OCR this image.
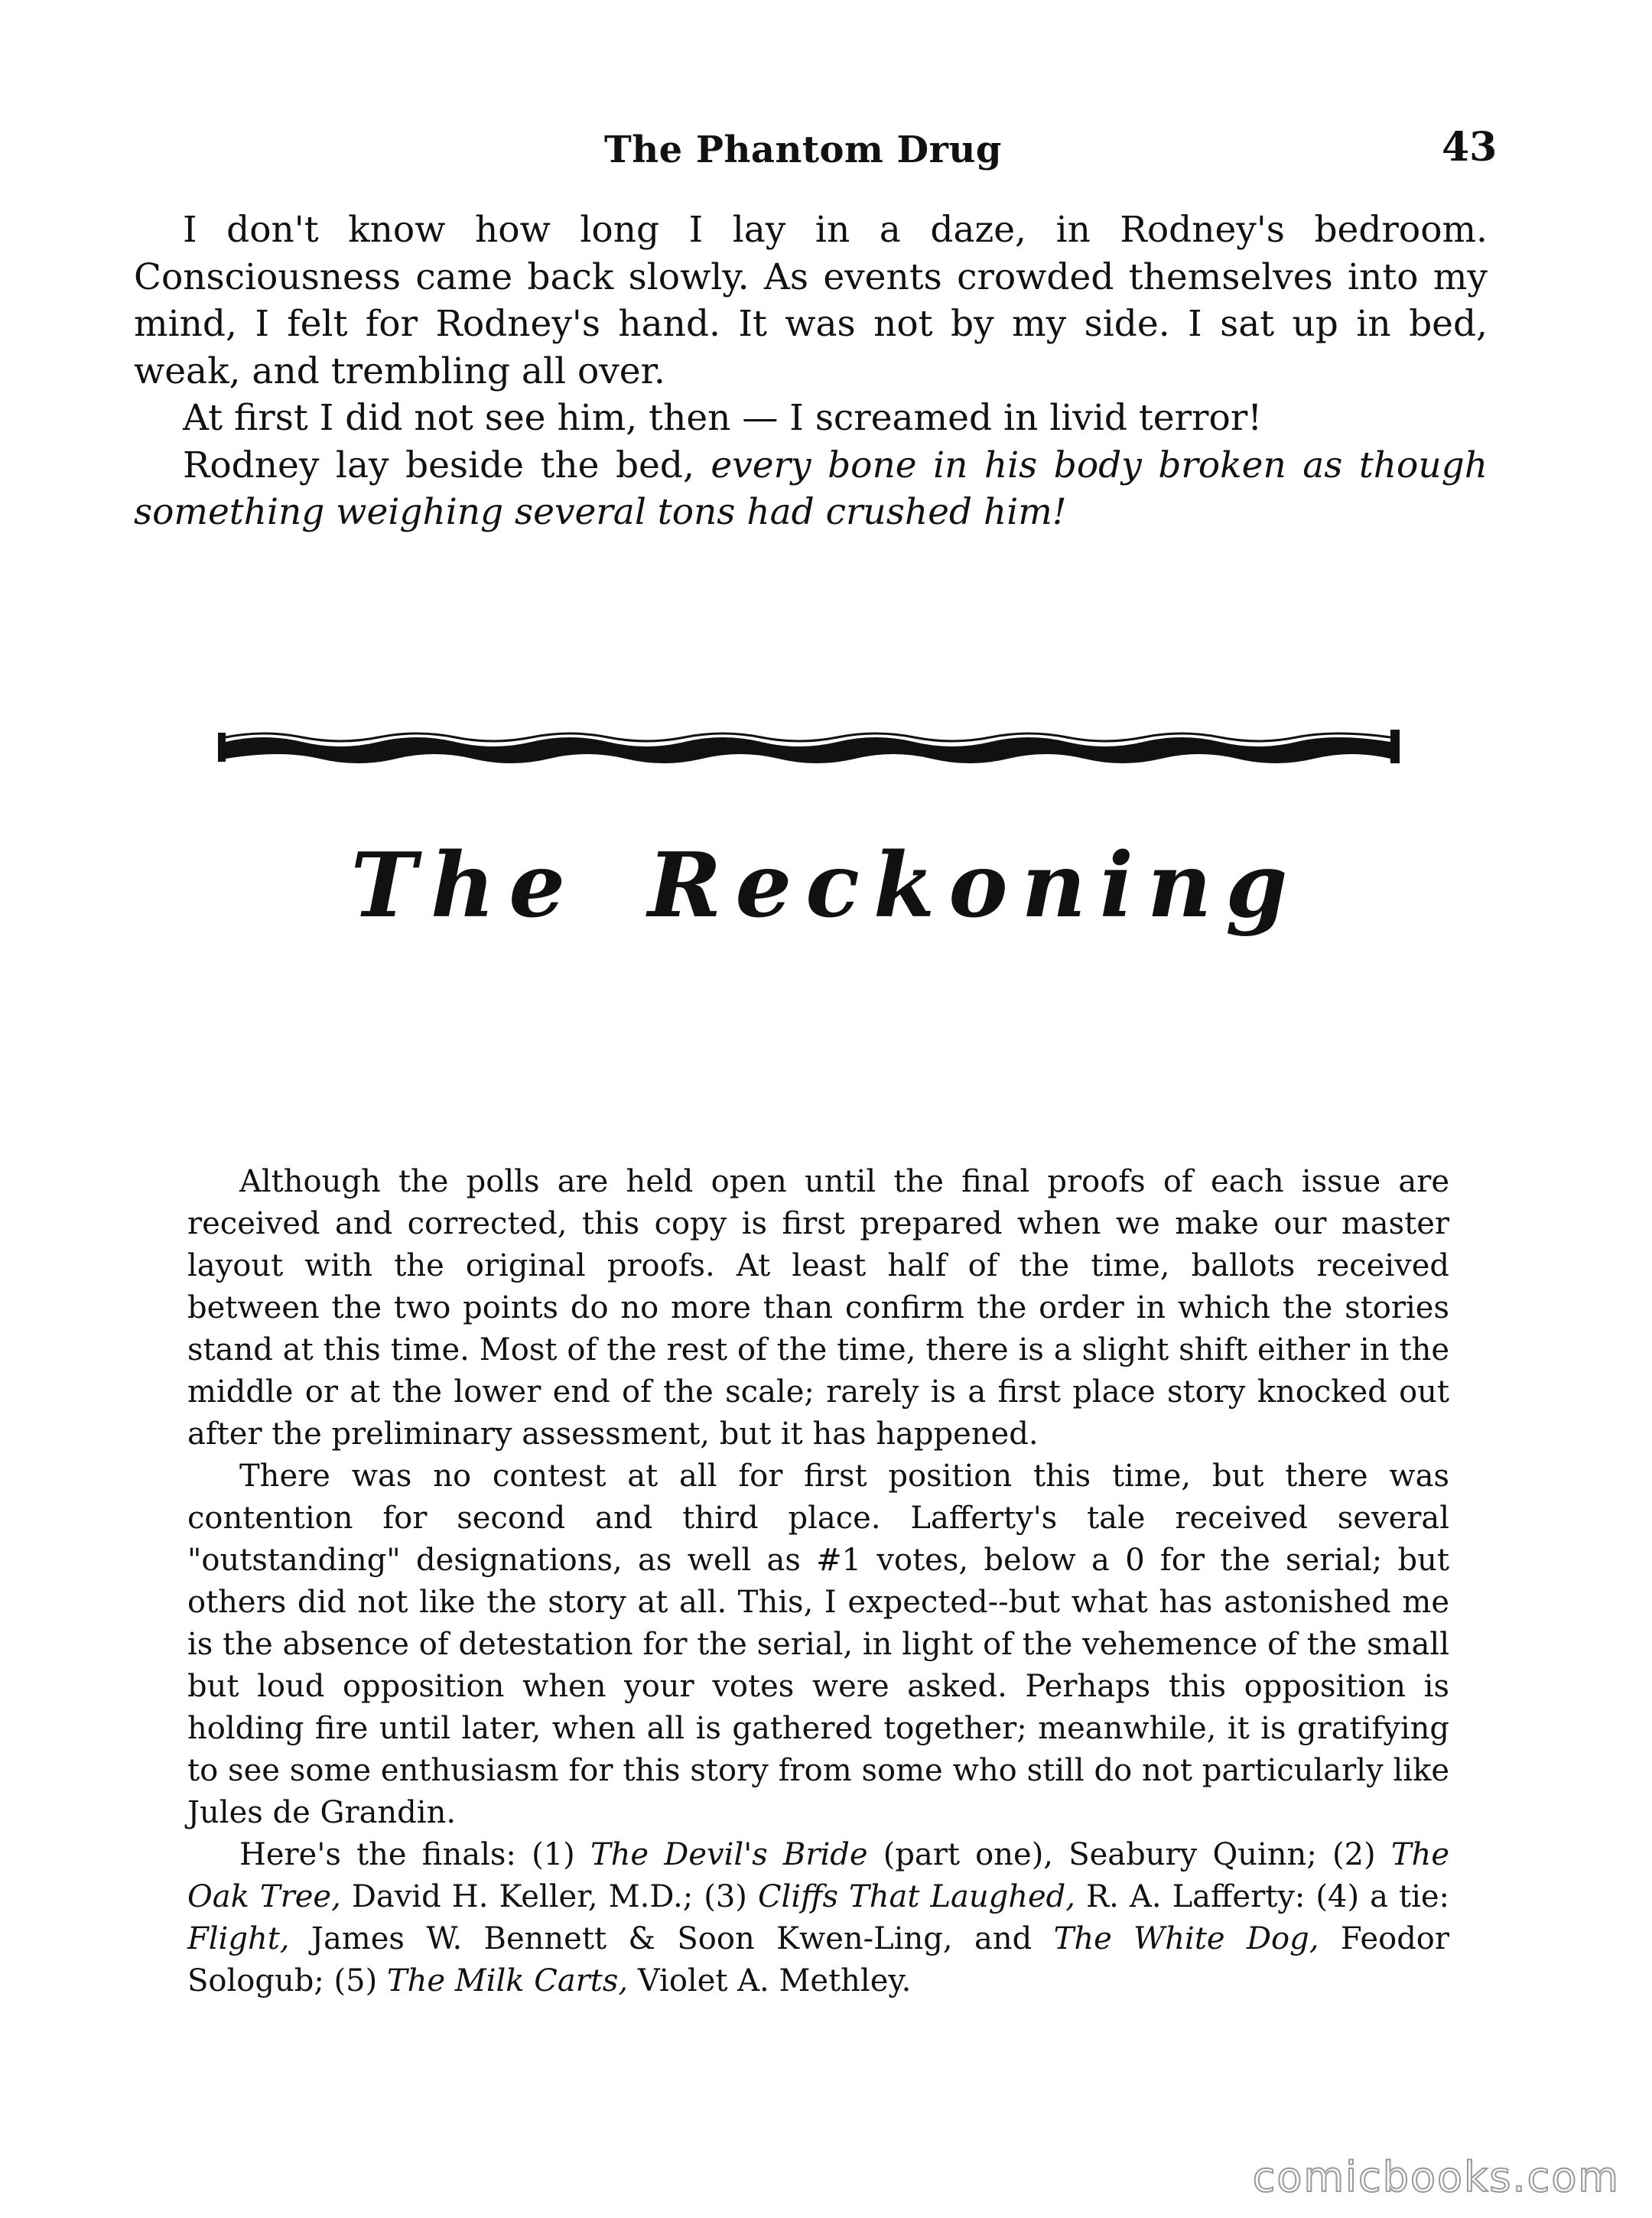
The Phantom Drug	43

I don't know how long I lay in a daze, in Rodney's bedroom. Consciousness came back slowly. As events crowded themselves into my mind, I felt for Rodney's hand. It was not by my side. I sat up in bed, weak, and trembling all over.

At first I did not see him, then — I screamed in livid terror!

Rodney lay beside the bed, every bone in his body broken as though something weighing several tons had crushed him!

The Reckoning

Although the polls are held open until the final proofs of each issue are received and corrected, this copy is first prepared when we make our master layout with the original proofs. At least half of the time, ballots received between the two points do no more than confirm the order in which the stories stand at this time. Most of the rest of the time, there is a slight shift either in the middle or at the lower end of the scale; rarely is a first place story knocked out after the preliminary assessment, but it has happened.

There was no contest at all for first position this time, but there was contention for second and third place. Lafferty's tale received several "outstanding" designations, as well as #1 votes, below a 0 for the serial; but others did not like the story at all. This, I expected--but what has astonished me is the absence of detestation for the serial, in light of the vehemence of the small but loud opposition when your votes were asked. Perhaps this opposition is holding fire until later, when all is gathered together; meanwhile, it is gratifying to see some enthusiasm for this story from some who still do not particularly like Jules de Grandin.

Here's the finals: (1) The Devil's Bride (part one), Seabury Quinn; (2) The Oak Tree, David H. Keller, M.D.; (3) Cliffs That Laughed, R. A. Lafferty: (4) a tie: Flight, James W. Bennett & Soon Kwen-Ling, and The White Dog, Feodor Sologub; (5) The Milk Carts, Violet A. Methley.

comicbooks.com
